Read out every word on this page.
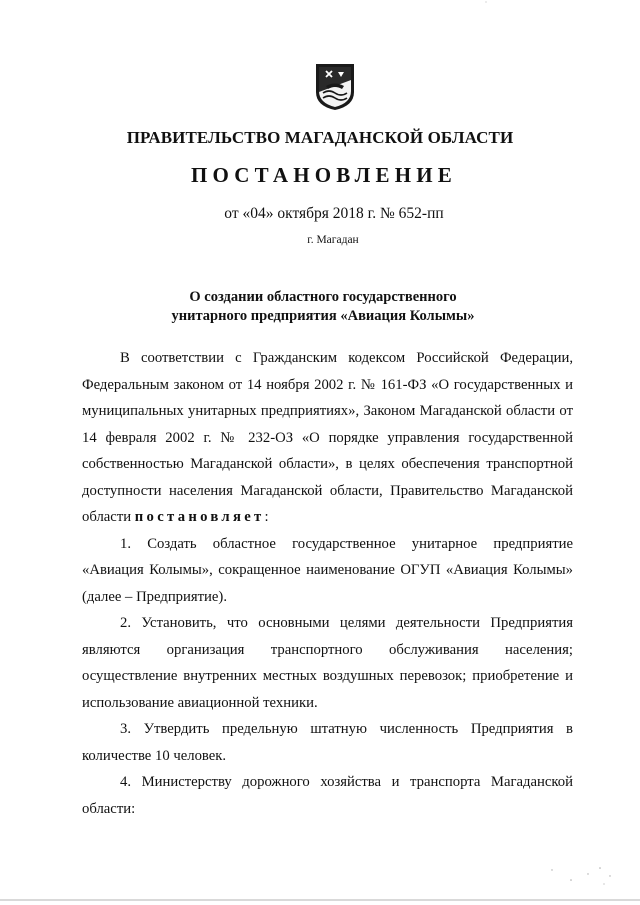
ПРАВИТЕЛЬСТВО МАГАДАНСКОЙ ОБЛАСТИ
ПОСТАНОВЛЕНИЕ
от «04» октября 2018 г. № 652-пп
г. Магадан
О создании областного государственного
унитарного предприятия «Авиация Колымы»

В соответствии с Гражданским кодексом Российской Федерации, Федеральным законом от 14 ноября 2002 г. № 161-ФЗ «О государственных и муниципальных унитарных предприятиях», Законом Магаданской области от 14 февраля 2002 г. № 232-ОЗ «О порядке управления государственной собственностью Магаданской области», в целях обеспечения транспортной доступности населения Магаданской области, Правительство Магаданской области постановляет:

1. Создать областное государственное унитарное предприятие «Авиация Колымы», сокращенное наименование ОГУП «Авиация Колымы» (далее – Предприятие).

2. Установить, что основными целями деятельности Предприятия являются организация транспортного обслуживания населения; осуществление внутренних местных воздушных перевозок; приобретение и использование авиационной техники.

3. Утвердить предельную штатную численность Предприятия в количестве 10 человек.

4. Министерству дорожного хозяйства и транспорта Магаданской области:
